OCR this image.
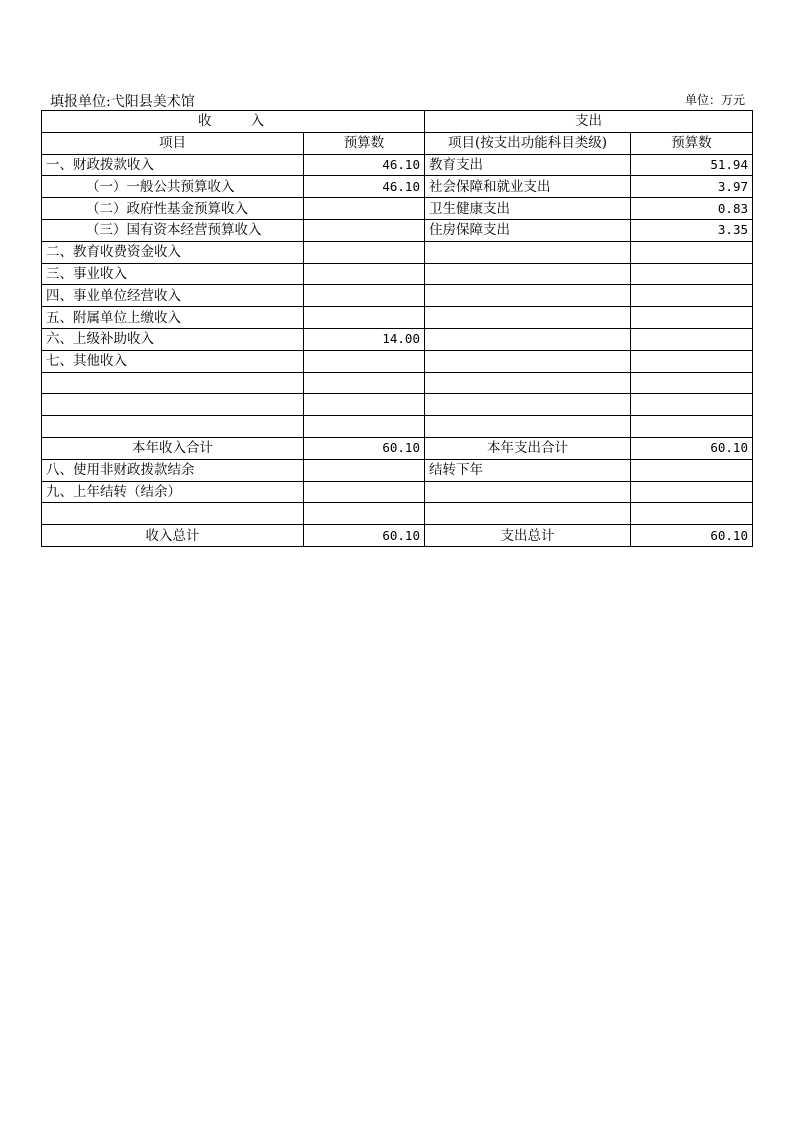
填报单位:弋阳县美术馆	单位：万元
收　　入		支出	
项目	预算数	项目(按支出功能科目类级)	预算数
一、财政拨款收入	46.10	教育支出	51.94
（一）一般公共预算收入	46.10	社会保障和就业支出	3.97
（二）政府性基金预算收入		卫生健康支出	0.83
（三）国有资本经营预算收入		住房保障支出	3.35
二、教育收费资金收入			
三、事业收入			
四、事业单位经营收入			
五、附属单位上缴收入			
六、上级补助收入	14.00		
七、其他收入			

本年收入合计	60.10	本年支出合计	60.10
八、使用非财政拨款结余		结转下年	
九、上年结转（结余）			

收入总计	60.10	支出总计	60.10
